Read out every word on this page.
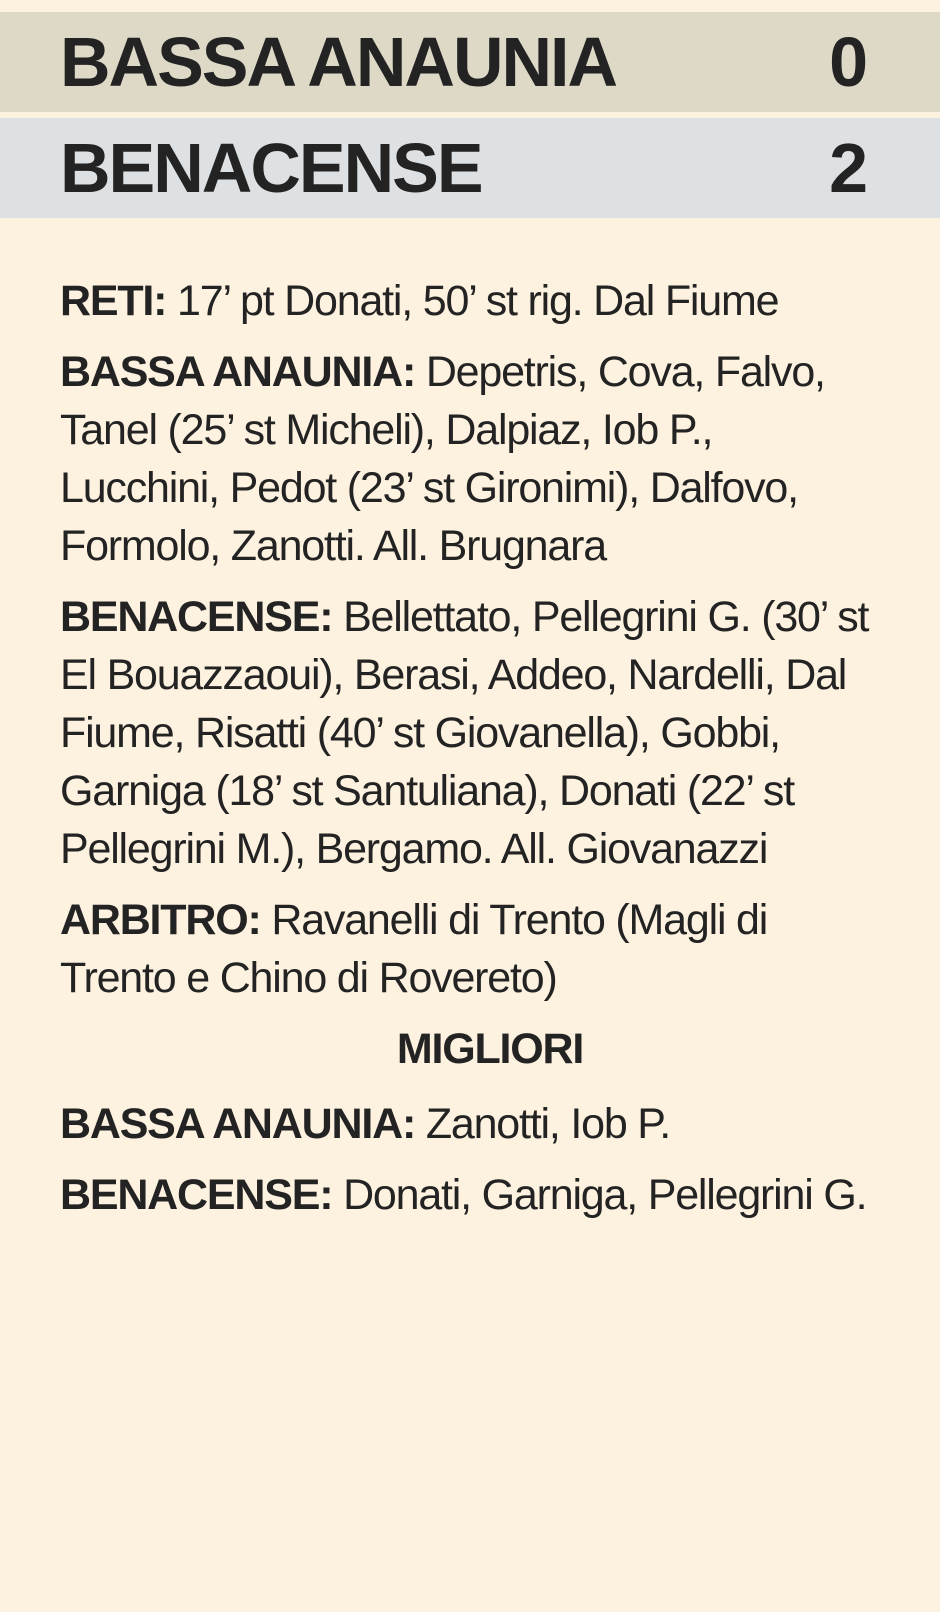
BASSA ANAUNIA	0
BENACENSE	2

RETI: 17’ pt Donati, 50’ st rig. Dal Fiume

BASSA ANAUNIA: Depetris, Cova, Falvo, Tanel (25’ st Micheli), Dalpiaz, Iob P., Lucchini, Pedot (23’ st Gironimi), Dalfovo, Formolo, Zanotti. All. Brugnara

BENACENSE: Bellettato, Pellegrini G. (30’ st El Bouazzaoui), Berasi, Addeo, Nardelli, Dal Fiume, Risatti (40’ st Giovanella), Gobbi, Garniga (18’ st Santuliana), Donati (22’ st Pellegrini M.), Bergamo. All. Giovanazzi

ARBITRO: Ravanelli di Trento (Magli di Trento e Chino di Rovereto)

MIGLIORI

BASSA ANAUNIA: Zanotti, Iob P.

BENACENSE: Donati, Garniga, Pellegrini G.
